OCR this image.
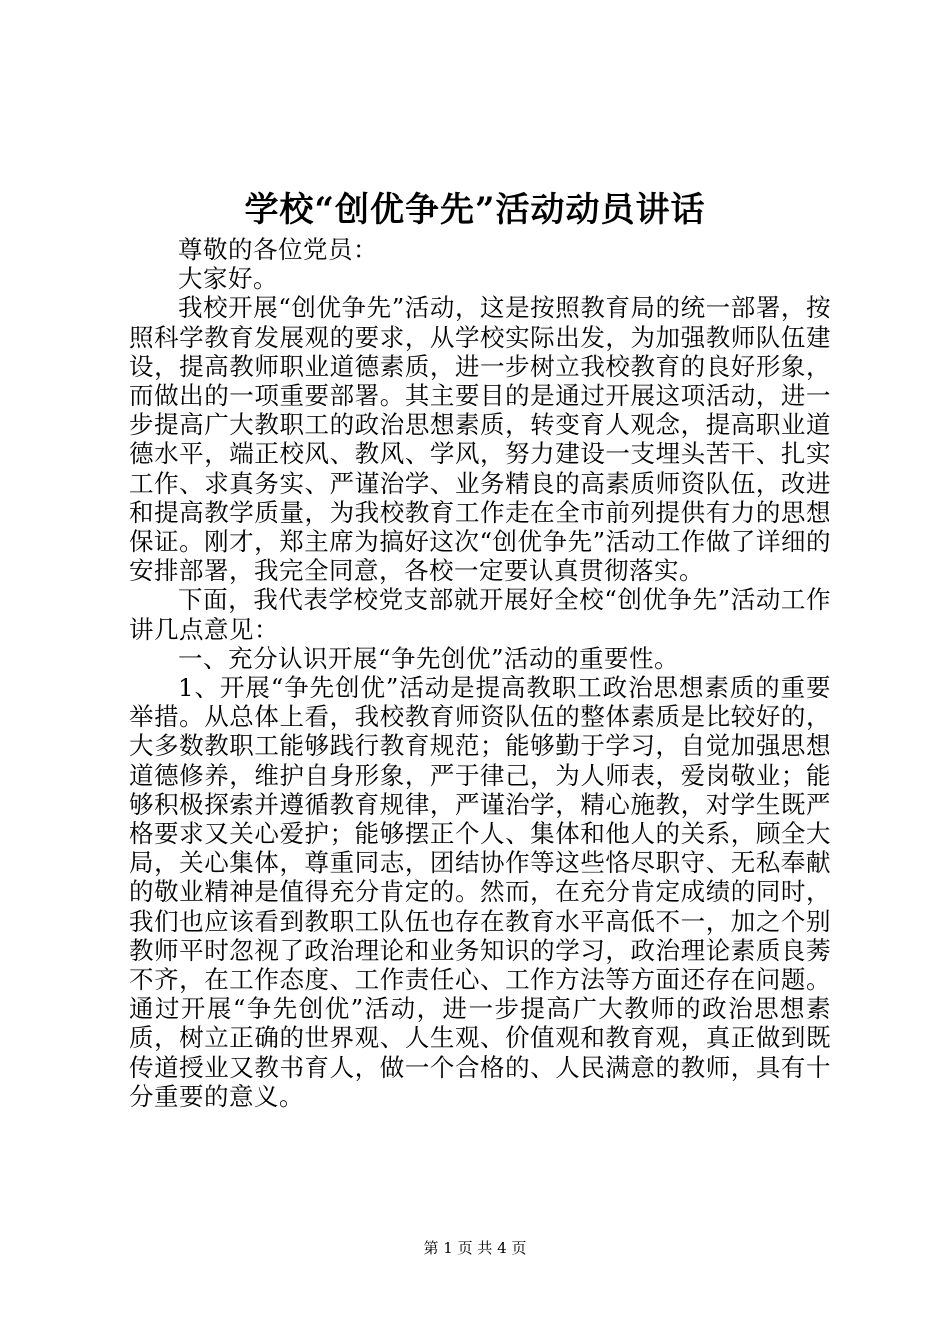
学校“创优争先”活动动员讲话

尊敬的各位党员：

大家好。

我校开展“创优争先”活动，这是按照教育局的统一部署，按照科学教育发展观的要求，从学校实际出发，为加强教师队伍建设，提高教师职业道德素质，进一步树立我校教育的良好形象，而做出的一项重要部署。其主要目的是通过开展这项活动，进一步提高广大教职工的政治思想素质，转变育人观念，提高职业道德水平，端正校风、教风、学风，努力建设一支埋头苦干、扎实工作、求真务实、严谨治学、业务精良的高素质师资队伍，改进和提高教学质量，为我校教育工作走在全市前列提供有力的思想保证。刚才，郑主席为搞好这次“创优争先”活动工作做了详细的安排部署，我完全同意，各校一定要认真贯彻落实。

下面，我代表学校党支部就开展好全校“创优争先”活动工作讲几点意见：

一、充分认识开展“争先创优”活动的重要性。

1、开展“争先创优”活动是提高教职工政治思想素质的重要举措。从总体上看，我校教育师资队伍的整体素质是比较好的，大多数教职工能够践行教育规范；能够勤于学习，自觉加强思想道德修养，维护自身形象，严于律己，为人师表，爱岗敬业；能够积极探索并遵循教育规律，严谨治学，精心施教，对学生既严格要求又关心爱护；能够摆正个人、集体和他人的关系，顾全大局，关心集体，尊重同志，团结协作等这些恪尽职守、无私奉献的敬业精神是值得充分肯定的。然而，在充分肯定成绩的同时，我们也应该看到教职工队伍也存在教育水平高低不一，加之个别教师平时忽视了政治理论和业务知识的学习，政治理论素质良莠不齐，在工作态度、工作责任心、工作方法等方面还存在问题。通过开展“争先创优”活动，进一步提高广大教师的政治思想素质，树立正确的世界观、人生观、价值观和教育观，真正做到既传道授业又教书育人，做一个合格的、人民满意的教师，具有十分重要的意义。

第 1 页 共 4 页
